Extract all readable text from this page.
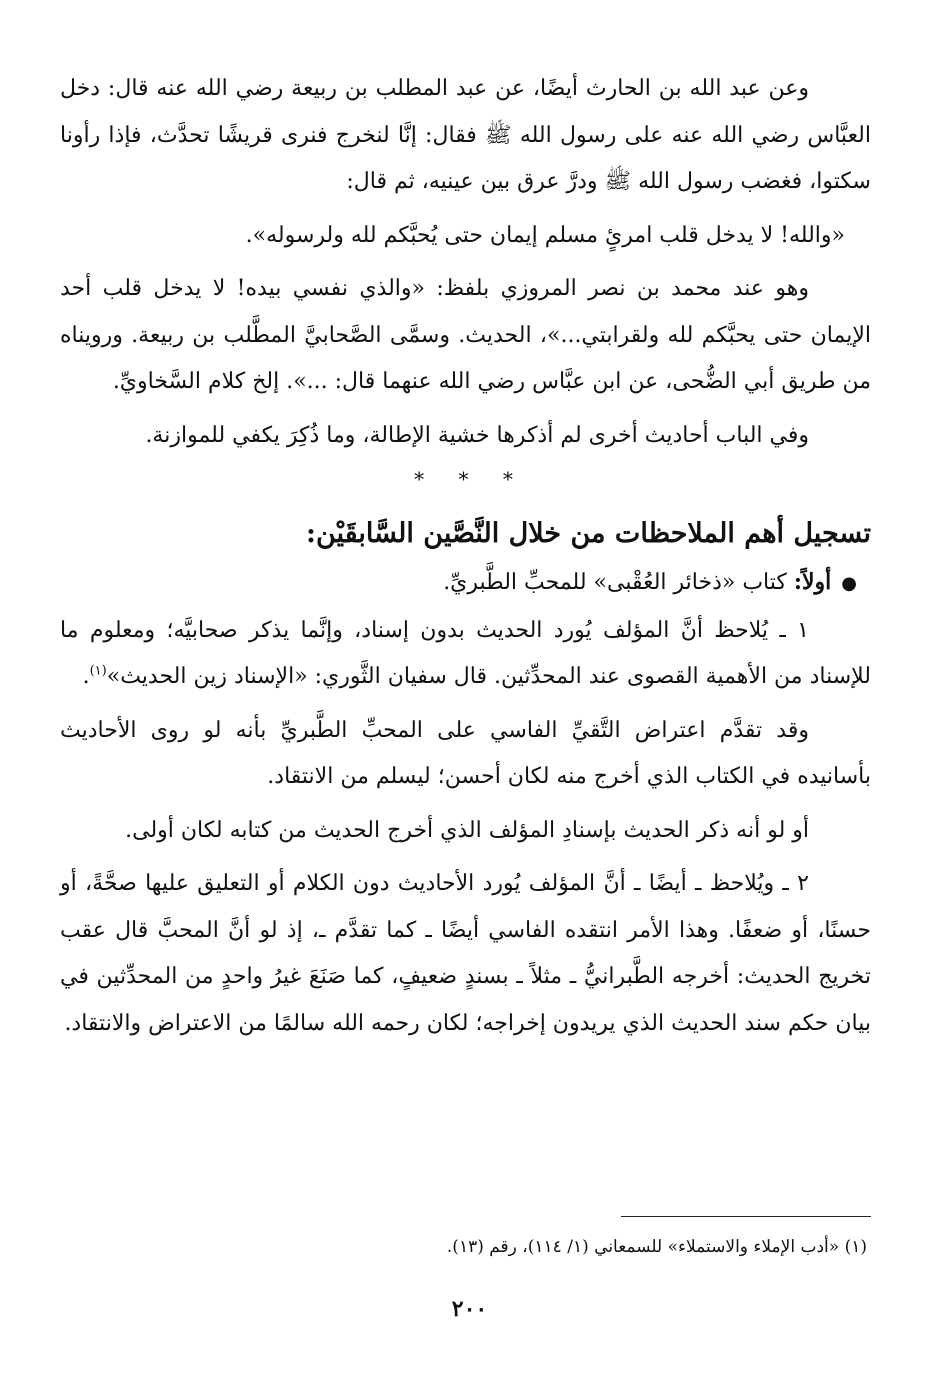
وعن عبد الله بن الحارث أيضًا، عن عبد المطلب بن ربيعة رضي الله عنه قال: دخل العبَّاس رضي الله عنه على رسول الله ﷺ فقال: إنَّا لنخرج فنرى قريشًا تحدَّث، فإذا رأونا سكتوا، فغضب رسول الله ﷺ ودرَّ عرق بين عينيه، ثم قال:

«والله! لا يدخل قلب امرئٍ مسلم إيمان حتى يُحبَّكم لله ولرسوله».

وهو عند محمد بن نصر المروزي بلفظ: «والذي نفسي بيده! لا يدخل قلب أحد الإيمان حتى يحبَّكم لله ولقرابتي...»، الحديث. وسمَّى الصَّحابيَّ المطَّلب بن ربيعة. ورويناه من طريق أبي الضُّحى، عن ابن عبَّاس رضي الله عنهما قال: ...». إلخ كلام السَّخاويِّ.

وفي الباب أحاديث أخرى لم أذكرها خشية الإطالة، وما ذُكِرَ يكفي للموازنة.

* * *

تسجيل أهم الملاحظات من خلال النَّصَّين السَّابقَيْن:

●أولاً: كتاب «ذخائر العُقْبى» للمحبِّ الطَّبريِّ.

١ ـ يُلاحظ أنَّ المؤلف يُورد الحديث بدون إسناد، وإنَّما يذكر صحابيَّه؛ ومعلوم ما للإسناد من الأهمية القصوى عند المحدِّثين. قال سفيان الثَّوري: «الإسناد زين الحديث»$^{(١)}$.

وقد تقدَّم اعتراض التَّقيِّ الفاسي على المحبِّ الطَّبريِّ بأنه لو روى الأحاديث بأسانيده في الكتاب الذي أخرج منه لكان أحسن؛ ليسلم من الانتقاد.

أو لو أنه ذكر الحديث بإسنادِ المؤلف الذي أخرج الحديث من كتابه لكان أولى.

٢ ـ ويُلاحظ ـ أيضًا ـ أنَّ المؤلف يُورد الأحاديث دون الكلام أو التعليق عليها صحَّةً، أو حسنًا، أو ضعفًا. وهذا الأمر انتقده الفاسي أيضًا ـ كما تقدَّم ـ، إذ لو أنَّ المحبَّ قال عقب تخريج الحديث: أخرجه الطَّبرانيُّ ـ مثلاً ـ بسندٍ ضعيفٍ، كما صَنَعَ غيرُ واحدٍ من المحدِّثين في بيان حكم سند الحديث الذي يريدون إخراجه؛ لكان رحمه الله سالمًا من الاعتراض والانتقاد.

(١) «أدب الإملاء والاستملاء» للسمعاني (١/ ١١٤)، رقم (١٣).
٢٠٠
